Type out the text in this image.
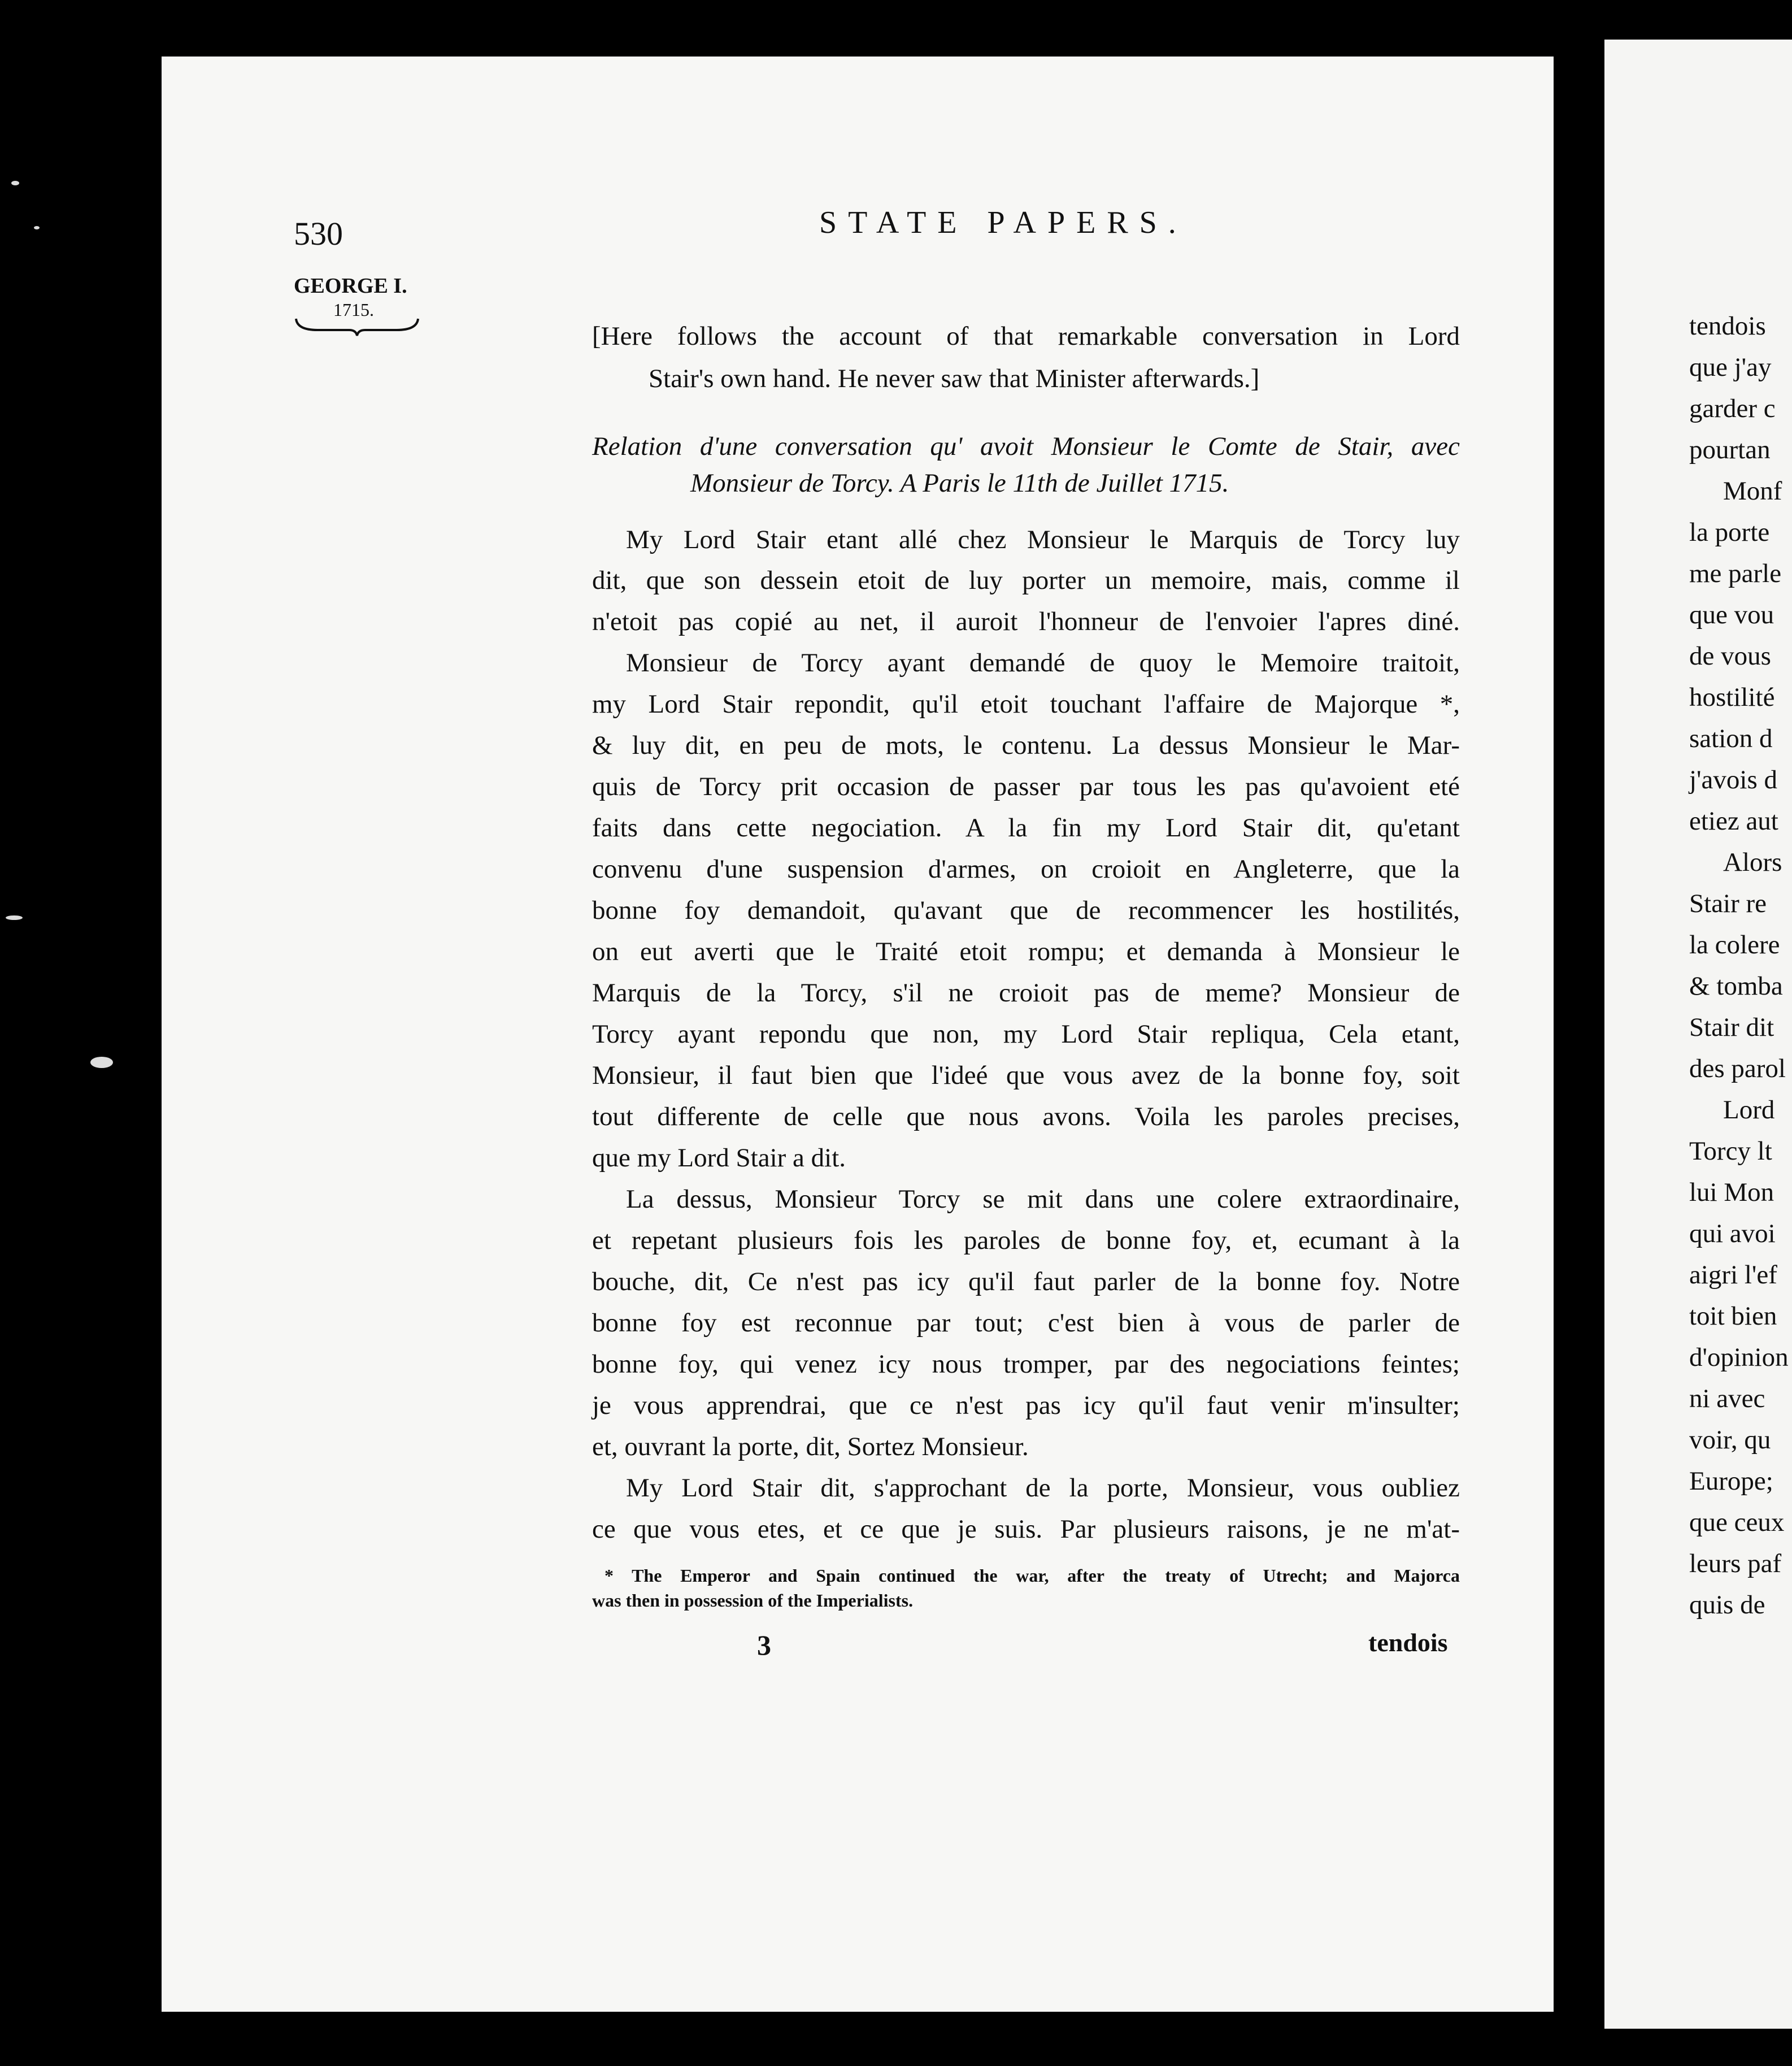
530	STATE PAPERS.
GEORGE I.
1715.
[Here follows the account of that remarkable conversation in Lord
Stair's own hand. He never saw that Minister afterwards.]
Relation d'une conversation qu' avoit Monsieur le Comte de Stair, avec
Monsieur de Torcy. A Paris le 11th de Juillet 1715.
My Lord Stair etant allé chez Monsieur le Marquis de Torcy luy
dit, que son dessein etoit de luy porter un memoire, mais, comme il
n'etoit pas copié au net, il auroit l'honneur de l'envoier l'apres diné.
Monsieur de Torcy ayant demandé de quoy le Memoire traitoit,
my Lord Stair repondit, qu'il etoit touchant l'affaire de Majorque *,
& luy dit, en peu de mots, le contenu. La dessus Monsieur le Mar-
quis de Torcy prit occasion de passer par tous les pas qu'avoient eté
faits dans cette negociation. A la fin my Lord Stair dit, qu'etant
convenu d'une suspension d'armes, on croioit en Angleterre, que la
bonne foy demandoit, qu'avant que de recommencer les hostilités,
on eut averti que le Traité etoit rompu; et demanda à Monsieur le
Marquis de la Torcy, s'il ne croioit pas de meme? Monsieur de
Torcy ayant repondu que non, my Lord Stair repliqua, Cela etant,
Monsieur, il faut bien que l'ideé que vous avez de la bonne foy, soit
tout differente de celle que nous avons. Voila les paroles precises,
que my Lord Stair a dit.
La dessus, Monsieur Torcy se mit dans une colere extraordinaire,
et repetant plusieurs fois les paroles de bonne foy, et, ecumant à la
bouche, dit, Ce n'est pas icy qu'il faut parler de la bonne foy. Notre
bonne foy est reconnue par tout; c'est bien à vous de parler de
bonne foy, qui venez icy nous tromper, par des negociations feintes;
je vous apprendrai, que ce n'est pas icy qu'il faut venir m'insulter;
et, ouvrant la porte, dit, Sortez Monsieur.
My Lord Stair dit, s'approchant de la porte, Monsieur, vous oubliez
ce que vous etes, et ce que je suis. Par plusieurs raisons, je ne m'at-
* The Emperor and Spain continued the war, after the treaty of Utrecht; and Majorca
was then in possession of the Imperialists.
3	tendois
tendois
que j'ay
garder c
pourtan
Monf
la porte
me parle
que vou
de vous
hostilité
sation d
j'avois d
etiez aut
Alors
Stair re
la colere
& tomba
Stair dit
des parol
Lord
Torcy lt
lui Mon
qui avoi
aigri l'ef
toit bien
d'opinion
ni avec
voir, qu
Europe;
que ceux
leurs paf
quis de
